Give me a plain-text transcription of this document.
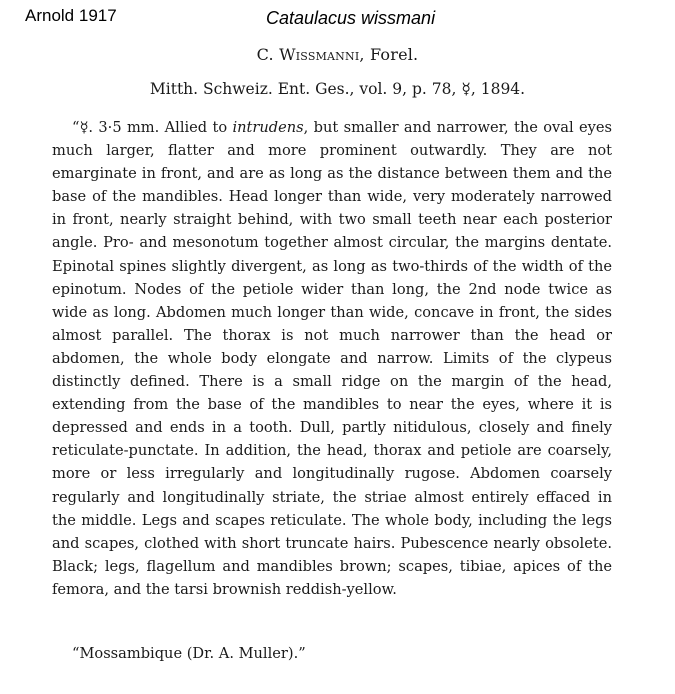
Arnold 1917	Cataulacus wissmani
C. Wissmanni, Forel.
Mitth. Schweiz. Ent. Ges., vol. 9, p. 78, ☿, 1894.

“☿. 3·5 mm. Allied to intrudens, but smaller and narrower, the oval eyes much larger, flatter and more prominent outwardly. They are not emarginate in front, and are as long as the distance between them and the base of the mandibles. Head longer than wide, very moderately narrowed in front, nearly straight behind, with two small teeth near each posterior angle. Pro- and mesonotum together almost circular, the margins dentate. Epinotal spines slightly divergent, as long as two-thirds of the width of the epinotum. Nodes of the petiole wider than long, the 2nd node twice as wide as long. Abdomen much longer than wide, concave in front, the sides almost parallel. The thorax is not much narrower than the head or abdomen, the whole body elongate and narrow. Limits of the clypeus distinctly defined. There is a small ridge on the margin of the head, extending from the base of the mandibles to near the eyes, where it is depressed and ends in a tooth. Dull, partly nitidulous, closely and finely reticulate-punctate. In addition, the head, thorax and petiole are coarsely, more or less irregularly and longitudinally rugose. Abdomen coarsely regularly and longitudinally striate, the striae almost entirely effaced in the middle. Legs and scapes reticulate. The whole body, including the legs and scapes, clothed with short truncate hairs. Pubescence nearly obsolete. Black; legs, flagellum and mandibles brown; scapes, tibiae, apices of the femora, and the tarsi brownish reddish-yellow.

“Mossambique (Dr. A. Muller).”
